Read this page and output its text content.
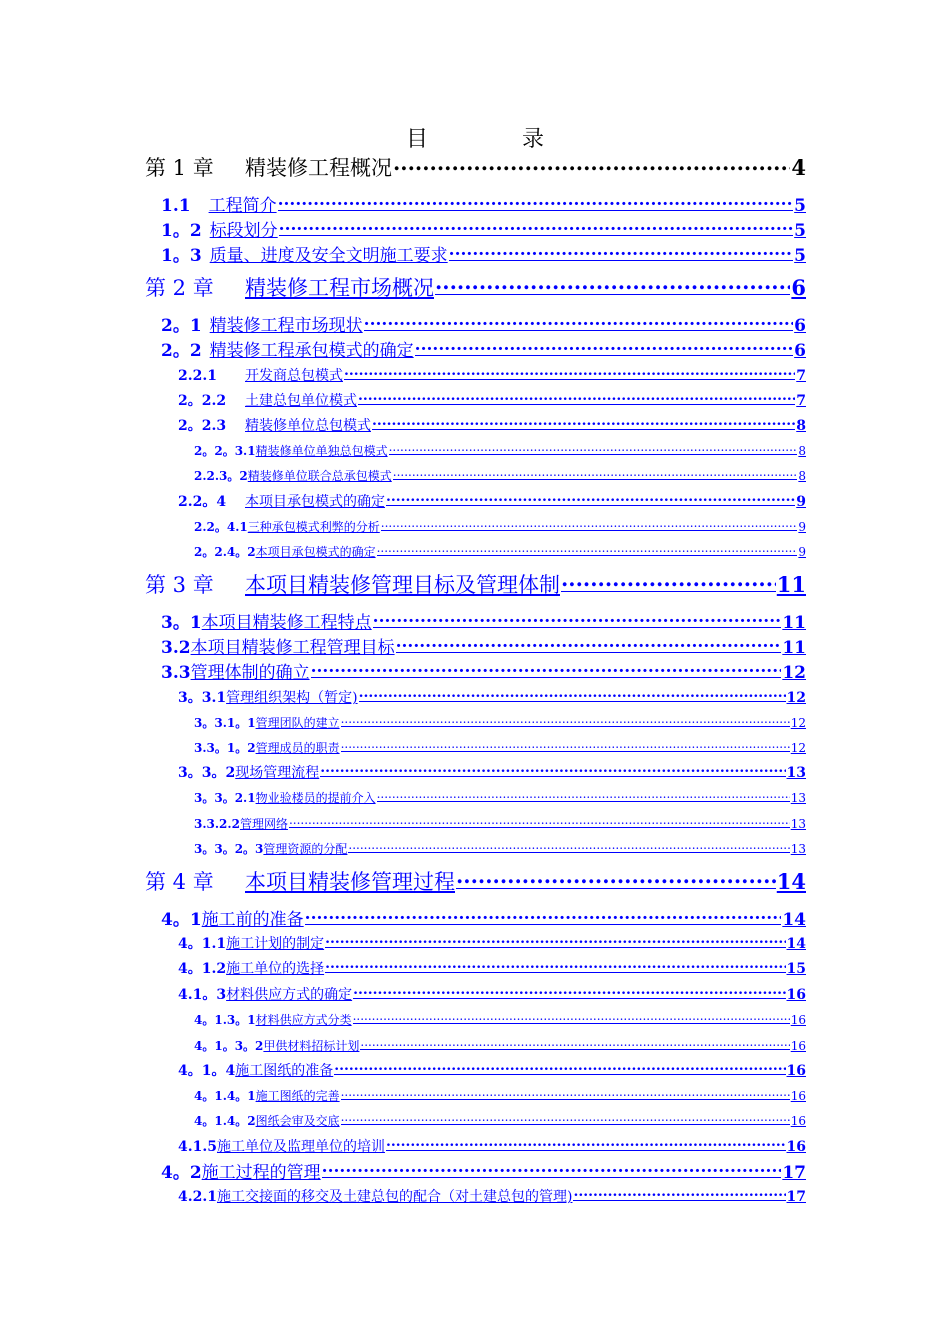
目　录
第 1 章 精装修工程概况 .....	4
1.1 工程简介 .....	5
1。2 标段划分 .....	5
1。3 质量、进度及安全文明施工要求 .....	5
第 2 章 精装修工程市场概况 .....	6
2。1 精装修工程市场现状 .....	6
2。2 精装修工程承包模式的确定 .....	6
2.2.1 开发商总包模式 .....	7
2。2.2 土建总包单位模式 .....	7
2。2.3 精装修单位总包模式 .....	8
2。2。3.1精装修单位单独总包模式 .....	8
2.2.3。2精装修单位联合总承包模式 .....	8
2.2。4 本项目承包模式的确定 .....	9
2.2。4.1三种承包模式利弊的分析 .....	9
2。2.4。2本项目承包模式的确定 .....	9
第 3 章 本项目精装修管理目标及管理体制 .....	11
3。1本项目精装修工程特点 .....	11
3.2本项目精装修工程管理目标 .....	11
3.3管理体制的确立 .....	12
3。3.1管理组织架构（暂定) .....	12
3。3.1。1管理团队的建立 .....	12
3.3。1。2管理成员的职责 .....	12
3。3。2现场管理流程 .....	13
3。3。2.1物业验楼员的提前介入 .....	13
3.3.2.2管理网络 .....	13
3。3。2。3管理资源的分配 .....	13
第 4 章 本项目精装修管理过程 .....	14
4。1施工前的准备 .....	14
4。1.1施工计划的制定 .....	14
4。1.2施工单位的选择 .....	15
4.1。3材料供应方式的确定 .....	16
4。1.3。1材料供应方式分类 .....	16
4。1。3。2甲供材料招标计划 .....	16
4。1。4施工图纸的准备 .....	16
4。1.4。1施工图纸的完善 .....	16
4。1.4。2图纸会审及交底 .....	16
4.1.5施工单位及监理单位的培训 .....	16
4。2施工过程的管理 .....	17
4.2.1施工交接面的移交及土建总包的配合（对土建总包的管理) .....	17
